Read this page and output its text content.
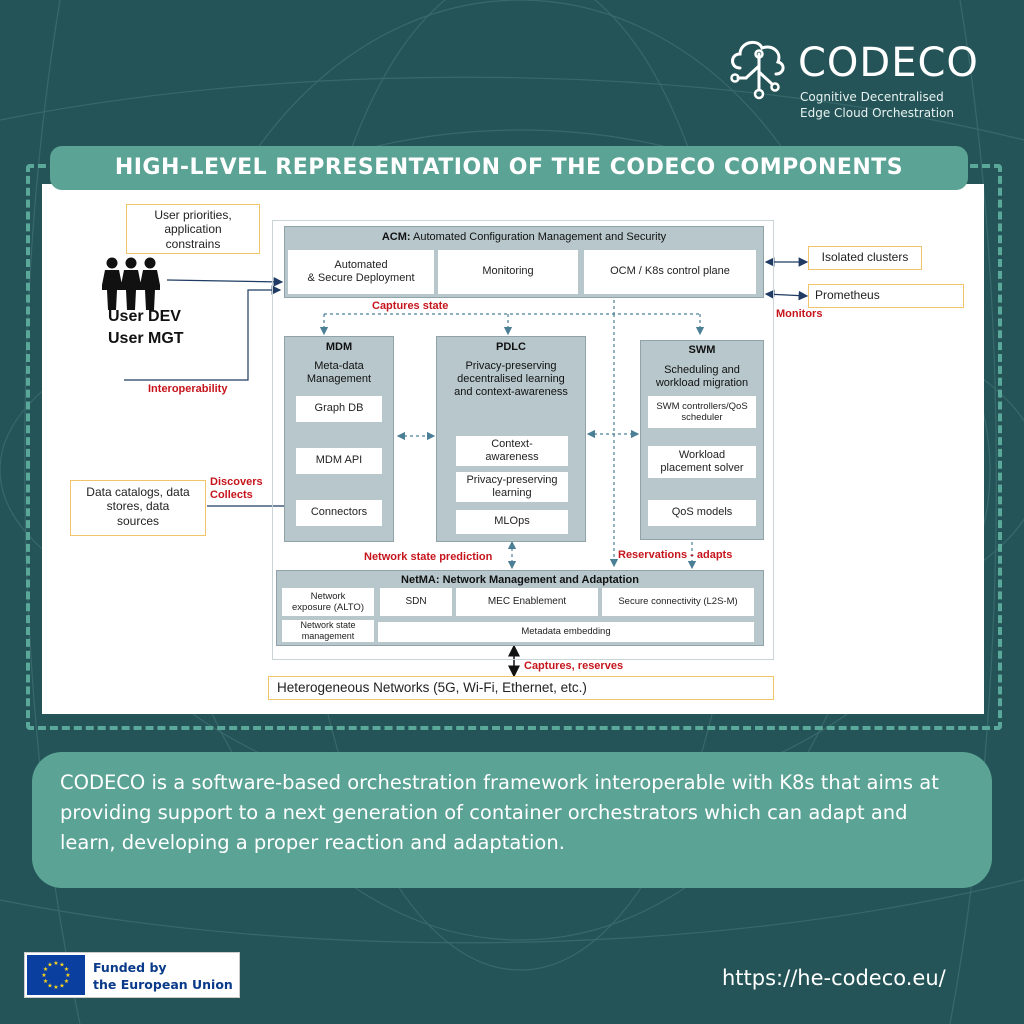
CODECO
Cognitive Decentralised
Edge Cloud Orchestration
HIGH-LEVEL REPRESENTATION OF THE CODECO COMPONENTS
User priorities,
application
constrains
User DEV
User MGT
Interoperability
Data catalogs, data
stores, data
sources
Discovers
Collects
ACM: Automated Configuration Management and Security
Automated
& Secure Deployment
Monitoring	OCM / K8s control plane
Isolated clusters
Prometheus
Monitors
Captures state
MDM
Meta-data
Management
Graph DB
MDM API
Connectors
PDLC
Privacy-preserving
decentralised learning
and context-awareness
Context-
awareness
Privacy-preserving
learning
MLOps
SWM
Scheduling and
workload migration
SWM controllers/QoS
scheduler
Workload
placement solver
QoS models
Network state prediction	Reservations - adapts
NetMA: Network Management and Adaptation
Network
exposure (ALTO)
SDN	MEC Enablement	Secure connectivity (L2S-M)
Network state
management	Metadata embedding
Captures, reserves
Heterogeneous Networks (5G, Wi-Fi, Ethernet, etc.)
CODECO is a software-based orchestration framework interoperable with K8s that aims at providing support to a next generation of container orchestrators which can adapt and learn, developing a proper reaction and adaptation.
★ ★
★
★
★
★
★
★
★
★
★
★	Funded by
the European Union	https://he-codeco.eu/
